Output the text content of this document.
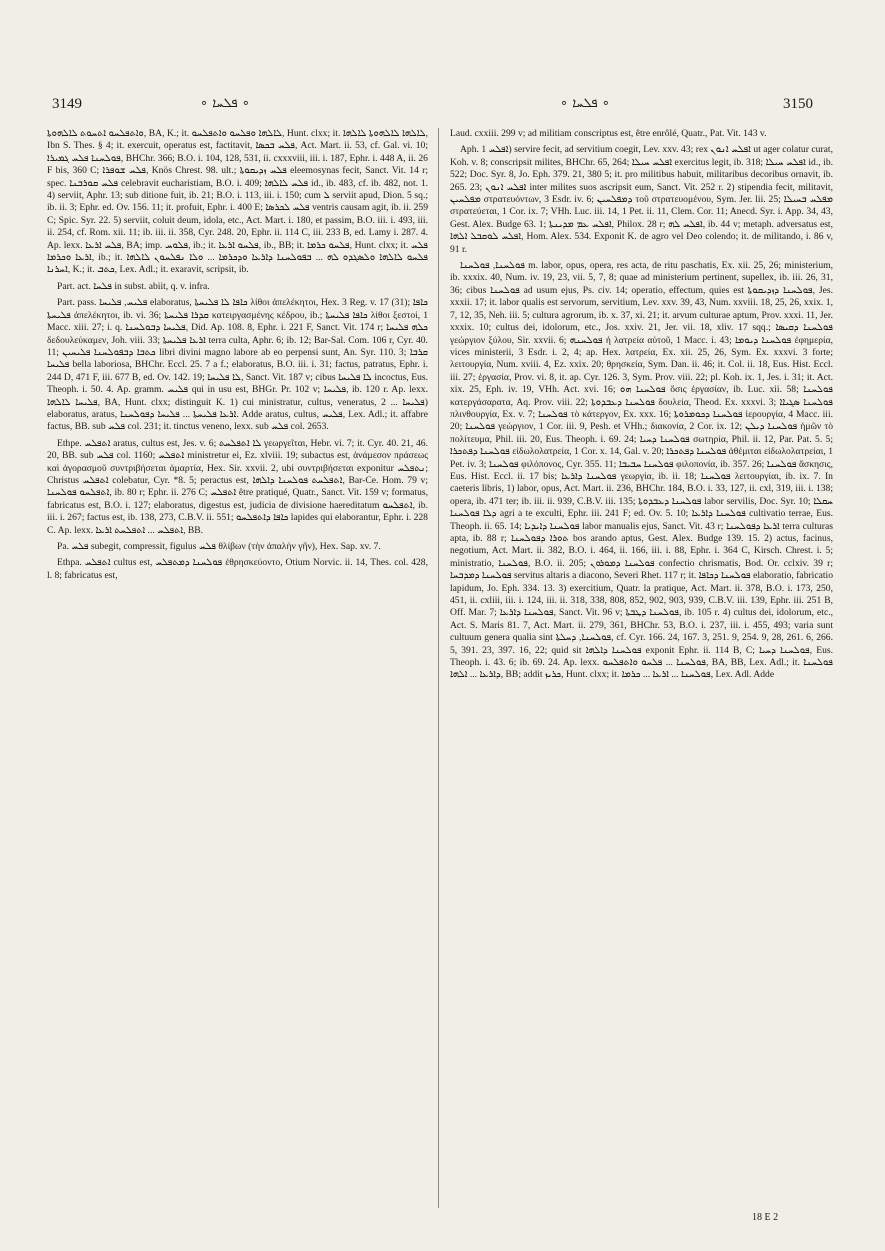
3149	∘ ܦܠܚܐ ∘	∘ ܦܠܚܐ ∘	3150

ܘܐܬܦܠܚܘ ܐܬܚܘܬ ܠܐܠܗܘܬܐ, BA, K.; it. ܠܐܠܗܐ ܘܦܠܚܘ ܘܐܬܦܠܚܘ, Hunt. clxx; it. ܠܐܠܗܐ ܠܐܠܗܘܬܐ ܠܐܠܗܐ, Ibn S. Thes. § 4; it. exercuit, operatus est, factitavit, ܦܠܚ ܒܟܣܐ, Act. Mart. ii. 53, cf. Gal. vi. 10; ܦܘܠܚܢܐ ܦܠܚ ܓܡܝܪܐ, BHChr. 366; B.O. i. 104, 128, 531, ii. cxxxviii, iii. i. 187, Ephr. i. 448 A, ii. 26 F bis, 360 C; ܦܠܚ ܫܘܦܪܐ, Knös Chrest. 98. ult.; ܦܠܚ ܙܕܝܩܘܬܐ eleemosynas fecit, Sanct. Vit. 14 r; spec. ܦܠܚ ܩܘܪܒܢܐ celebravit eucharistiam, B.O. i. 409; ܦܠܚ ܠܐܠܗܐ id., ib. 483, cf. ib. 482, not. 1. 4) serviit, Aphr. 13; sub ditione fuit, ib. 21; B.O. i. 113, iii. i. 150; cum ܠ serviit apud, Dion. 5 sq.; ib. ii. 3; Ephr. ed. Ov. 156. 11; it. profuit, Ephr. i. 400 E; ܦܠܚ ܠܟܪܣܐ ventris causam agit, ib. ii. 259 C; Spic. Syr. 22. 5) serviit, coluit deum, idola, etc., Act. Mart. i. 180, et passim, B.O. iii. i. 493, iii. ii. 254, cf. Rom. xii. 11; ib. iii. ii. 358, Cyr. 248. 20, Ephr. ii. 114 C, iii. 233 B, ed. Lamy i. 287. 4. Ap. lexx. ܦܠܚ ܐܪܥܐ, BA; imp. ܦܠܘܚ, ib.; it. ܦܠܚܘ ܐܪܥܐ, ib., BB; it. ܦܠܚܘ ܟܪܡܐ, Hunt. clxx; it. ܦܠܚ ܐܪܥܐ ܘܟܪܡܐ, ib.; it. ܦܠܚܘ ܠܐܠܗܐ ܘܠܣܓܕܘ ܠܗ ... ܒܦܘܠܚܢܐ ܕܐܪܥܐ ܘܕܟܪܡܐ ... ܘܠܐ ܢܦܠܚܘܢ ܠܐܠܗܐ ܐܚܪܢܐ, K.; it. ܟܬܒ, Lex. Adl.; it. exaravit, scripsit, ib.

Part. act. ܦܠܚܐ in subst. abiit, q. v. infra.

Part. pass. ܦܠܝܚ, ܦܠܝܚܐ elaboratus, ܟܐܦܐ ܠܐ ܦܠܝܚܬܐ λίθοι ἀπελέκητοι, Hex. 3 Reg. v. 17 (31); ܟܐܦܐ ܦܠܝܚܬܐ ἀπελέκητοι, ib. vi. 36; ܩܕܪܐ ܦܠܝܚܬܐ κατειργασμένης κέδρου, ib.; ܟܐܦܐ ܦܠܝܚܬܐ λίθοι ξεστοί, 1 Macc. xiii. 27; i. q. ܦܠܝܚܐ ܕܒܘܠܚܢܐ, Did. Ap. 108. 8, Ephr. i. 221 F, Sanct. Vit. 174 r; ܟܠܗ ܦܠܝܚܐ δεδουλεύκαμεν, Joh. viii. 33; ܐܪܥܐ ܦܠܝܚܬܐ terra culta, Aphr. 6; ib. 12; Bar-Sal. Com. 106 r, Cyr. 40. 11; ܟܬܒܐ ܕܒܦܘܠܚܢܐ ܦܠܝܚܝܢ libri divini magno labore ab eo perpensi sunt, An. Syr. 110. 3; ܩܪܒܐ ܦܠܝܚܐ bella laboriosa, BHChr. Eccl. 25. 7 a f.; elaboratus, B.O. iii. i. 31; factus, patratus, Ephr. i. 244 D, 471 F, iii. 677 B, ed. Ov. 142. 19; ܠܐ ܦܠܝܚܐ, Sanct. Vit. 187 v; cibus ܠܐ ܦܠܝܚܐ incoctus, Eus. Theoph. i. 50. 4. Ap. gramm. ܦܠܝܚ qui in usu est, BHGr. Pr. 102 v; ܦܠܝܚܐ, ib. 120 r. Ap. lexx. ܦܠܝܚܐ ܠܐܠܗܐ, BA, Hunt. clxx; distinguit K. 1) cui ministratur, cultus, veneratus, ܦܠܝܚܐ ... 2) elaboratus, aratus, ܐܪܥܐ ܦܠܝܚܬܐ ... ܦܠܝܚܐ ܕܦܘܠܚܢܐ. Adde aratus, cultus, ܦܠܝܚ, Lex. Adl.; it. affabre factus, BB. sub ܦܠܚ col. 231; it. tinctus veneno, lexx. sub ܦܠܚ col. 2653.

Ethpe. ܐܬܦܠܚ aratus, cultus est, Jes. v. 6; ܠܐ ܐܬܦܠܚܬ γεωργεῖται, Hebr. vi. 7; it. Cyr. 40. 21, 46. 20, BB. sub ܦܠܚ col. 1160; ܐܬܦܠܚ ministretur ei, Ez. xlviii. 19; subactus est, ἀνάμεσον πράσεως καὶ ἀγορασμοῦ συντριβήσεται ἁμαρτία, Hex. Sir. xxvii. 2, ubi συντριβήσεται exponitur ܢܬܦܠܚ; Christus ܐܬܦܠܚ colebatur, Cyr. *8. 5; peractus est, ܐܬܦܠܚܬ ܦܘܠܚܢܐ ܕܐܠܗܐ, Bar-Ce. Hom. 79 v; ܐܬܦܠܚܘ ܦܘܠܚܢܐ, ib. 80 r; Ephr. ii. 276 C; ܐܬܦܠܚ être pratiqué, Quatr., Sanct. Vit. 159 v; formatus, fabricatus est, B.O. i. 127; elaboratus, digestus est, judicia de divisione haereditatum ܐܬܦܠܚܘ, ib. iii. i. 267; factus est, ib. 138, 273, C.B.V. ii. 551; ܟܐܦܐ ܕܐܬܦܠܚܘ lapides qui elaborantur, Ephr. i. 228 C. Ap. lexx. ܐܬܦܠܚ ... ܐܬܦܠܚܬ ܐܪܥܐ, BB.

Pa. ܦܠܚ subegit, compressit, figulus ܦܠܚ θλίβων (τὴν ἁπαλὴν γῆν), Hex. Sap. xv. 7.

Ethpa. ܐܬܦܠܚ cultus est, ܦܘܠܚܢܐ ܕܡܬܦܠܚ ἐθρησκεύοντο, Otium Norvic. ii. 14, Thes. col. 428, l. 8; fabricatus est,

Laud. cxxiii. 299 v; ad militiam conscriptus est, être enrôlé, Quatr., Pat. Vit. 143 v.

Aph. ܐܦܠܚ 1) servire fecit, ad servitium coegit, Lev. xxv. 43; rex ܐܦܠܚ ܐܢܘܢ ut ager colatur curat, Koh. v. 8; conscripsit milites, BHChr. 65, 264; ܐܦܠܚ ܚܝܠܐ exercitus legit, ib. 318; ܐܦܠܚ ܚܝܠܐ id., ib. 522; Doc. Syr. 8, Jo. Eph. 379. 21, 380 5; it. pro militibus habuit, militaribus decoribus ornavit, ib. 265. 23; ܐܦܠܚ ܐܢܘܢ inter milites suos ascripsit eum, Sanct. Vit. 252 r. 2) stipendia fecit, militavit, ܡܦܠܚܝܢ στρατευόντων, 3 Esdr. iv. 6; ܕܡܦܠܚܝܢ τοῦ στρατευομένου, Sym. Jer. lii. 25; ܡܦܠܚ ܒܚܝܠܐ στρατεύεται, 1 Cor. ix. 7; VHh. Luc. iii. 14, 1 Pet. ii. 11, Clem. Cor. 11; Anecd. Syr. i. App. 34, 43, Gest. Alex. Budge 63. 1; ܐܦܠܚ ܥܡ ܡܕܝܢܬܐ, Philox. 28 r; ܐܦܠܚ ܠܗ, ib. 44 v; metaph. adversatus est, ܐܦܠܚ ܠܘܩܒܠ ܐܠܗܐ, Hom. Alex. 534. Exponit K. de agro vel Deo colendo; it. de militando, i. 86 v, 91 r.

ܦܘܠܚܢܐ, ܦܘܠܚܢܐ m. labor, opus, opera, res acta, de ritu paschatis, Ex. xii. 25, 26; ministerium, ib. xxxix. 40, Num. iv. 19, 23, vii. 5, 7, 8; quae ad ministerium pertinent, supellex, ib. iii. 26, 31, 36; cibus ܦܘܠܚܢܐ ad usum ejus, Ps. civ. 14; operatio, effectum, quies est ܦܘܠܚܢܐ ܕܙܕܝܩܘܬܐ, Jes. xxxii. 17; it. labor qualis est servorum, servitium, Lev. xxv. 39, 43, Num. xxviii. 18, 25, 26, xxix. 1, 7, 12, 35, Neh. iii. 5; cultura agrorum, ib. x. 37, xi. 21; it. arvum culturae aptum, Prov. xxxi. 11, Jer. xxxix. 10; cultus dei, idolorum, etc., Jos. xxiv. 21, Jer. vii. 18, xliv. 17 sqq.; ܦܘܠܚܢܐ ܕܩܝܣܐ γεώργιον ξύλου, Sir. xxvii. 6; ܦܘܠܚܢܗ ἡ λατρεία αὐτοῦ, 1 Macc. i. 43; ܦܘܠܚܢܐ ܕܝܘܡܐ ἐφημερία, vices ministerii, 3 Esdr. i. 2, 4; ap. Hex. λατρεία, Ex. xii. 25, 26, Sym. Ex. xxxvi. 3 forte; λειτουργία, Num. xviii. 4, Ez. xxix. 20; θρησκεία, Sym. Dan. ii. 46; it. Col. ii. 18, Eus. Hist. Eccl. iii. 27; ἐργασία, Prov. vi. 8, it. ap. Cyr. 126. 3, Sym. Prov. viii. 22; pl. Koh. ix. 1, Jes. i. 31; it. Act. xix. 25, Eph. iv. 19, VHh. Act. xvi. 16; ܦܘܠܚܢܐ ܗܘ ὅσις ἐργασίαν, ib. Luc. xii. 58; ܦܘܠܚܢܐ κατεργάσαρατα, Aq. Prov. viii. 22; ܦܘܠܚܢܐ ܕܥܒܕܘܬܐ δουλεία, Theod. Ex. xxxvi. 3; ܦܘܠܚܢܐ ܣܓܝܐܐ πλινθουργία, Ex. v. 7; ܦܘܠܚܢܐ τὸ κάτεργον, Ex. xxx. 16; ܦܘܠܚܢܐ ܕܟܘܡܪܘܬܐ ἱερουργία, 4 Macc. iii. 20; ܦܘܠܚܢܐ γεώργιον, 1 Cor. iii. 9, Pesh. et VHh.; διακονία, 2 Cor. ix. 12; ܦܘܠܚܢܐ ܕܝܠܢ ἡμῶν τὸ πολίτευμα, Phil. iii. 20, Eus. Theoph. i. 69. 24; ܦܘܠܚܢܐ ܕܚܝܐ σωτηρία, Phil. ii. 12, Par. Pat. 5. 5; ܦܘܠܚܢܐ ܕܦܬܟܪܐ εἰδωλολατρεία, 1 Cor. x. 14, Gal. v. 20; ܦܘܠܚܢܐ ܕܦܬܟܪܐ ἀθέμιται εἰδωλολατρείαι, 1 Pet. iv. 3; ܦܘܠܚܢܐ φιλόπονος, Cyr. 355. 11; ܦܘܠܚܢܐ ܚܒܝܒܐ φιλοπονία, ib. 357. 26; ܦܘܠܚܢܐ ἄσκησις, Eus. Hist. Eccl. ii. 17 bis; ܦܘܠܚܢܐ ܕܐܪܥܐ γεωργία, ib. ii. 18; ܦܘܠܚܢܐ λειτουργίαι, ib. ix. 7. In caeteris libris, 1) labor, opus, Act. Mart. ii. 236, BHChr. 184, B.O. i. 33, 127, ii. cxl, 319, iii. i. 138; opera, ib. 471 ter; ib. iii. ii. 939, C.B.V. iii. 135; ܦܘܠܚܢܐ ܕܥܒܕܘܬܐ labor servilis, Doc. Syr. 10; ܚܩܠܐ ܕܠܐ ܦܘܠܚܢܐ agri a te exculti, Ephr. iii. 241 F; ed. Ov. 5. 10; ܦܘܠܚܢܐ ܕܐܪܥܐ cultivatio terrae, Eus. Theoph. ii. 65. 14; ܦܘܠܚܢܐ ܕܐܝܕܝܐ labor manualis ejus, Sanct. Vit. 43 r; ܐܪܥܐ ܕܦܘܠܚܢܐ terra culturas apta, ib. 88 r; ܬܘܪܐ ܕܦܘܠܚܢܐ bos arando aptus, Gest. Alex. Budge 139. 15. 2) actus, facinus, negotium, Act. Mart. ii. 382, B.O. i. 464, ii. 166, iii. i. 88, Ephr. i. 364 C, Kirsch. Chrest. i. 5; ministratio, ܦܘܠܚܢܐ, B.O. ii. 205; ܦܘܠܚܢܐ ܕܡܘܪܘܢ confectio chrismatis, Bod. Or. cclxiv. 39 r; ܦܘܠܚܢܐ ܕܡܕܒܚܐ servitus altaris a diacono, Severi Rhet. 117 r; it. ܦܘܠܚܢܐ ܕܟܐܦܐ elaboratio, fabricatio lapidum, Jo. Eph. 334. 13. 3) exercitium, Quatr. la pratique, Act. Mart. ii. 378, B.O. i. 173, 250, 451, ii. cxliii, iii. i. 124, iii. ii. 318, 338, 808, 852, 902, 903, 939, C.B.V. iii. 139, Ephr. iii. 251 B, Off. Mar. 7; ܦܘܠܚܢܐ ܕܐܪܥܐ, Sanct. Vit. 96 v; ܦܘܠܚܢܐ ܕܛܒܬܐ, ib. 105 r. 4) cultus dei, idolorum, etc., Act. S. Maris 81. 7, Act. Mart. ii. 279, 361, BHChr. 53, B.O. i. 237, iii. i. 455, 493; varia sunt cultuum genera qualia sint ܦܘܠܚܢܐ, ܕܚܠܬܐ, cf. Cyr. 166. 24, 167. 3, 251. 9, 254. 9, 28, 261. 6, 266. 5, 391. 23, 397. 16, 22; quid sit ܦܘܠܚܢܐ ܕܐܠܗܐ exponit Ephr. ii. 114 B, C; ܦܘܠܚܢܐ ܕܚܝܐ, Eus. Theoph. i. 43. 6; ib. 69. 24. Ap. lexx. ܦܘܠܚܢܐ ... ܦܠܚܘ ܘܐܬܦܠܚܘ, BA, BB, Lex. Adl.; it. ܦܘܠܚܢܐ ܕܐܪܥܐ ... ܐܠܗܐ, BB; addit ܟܪܝܙ, Hunt. clxx; it. ܦܘܠܚܢܐ ... ܐܪܥܐ ... ܟܪܡܐ, Lex. Adl. Adde

18 E 2
